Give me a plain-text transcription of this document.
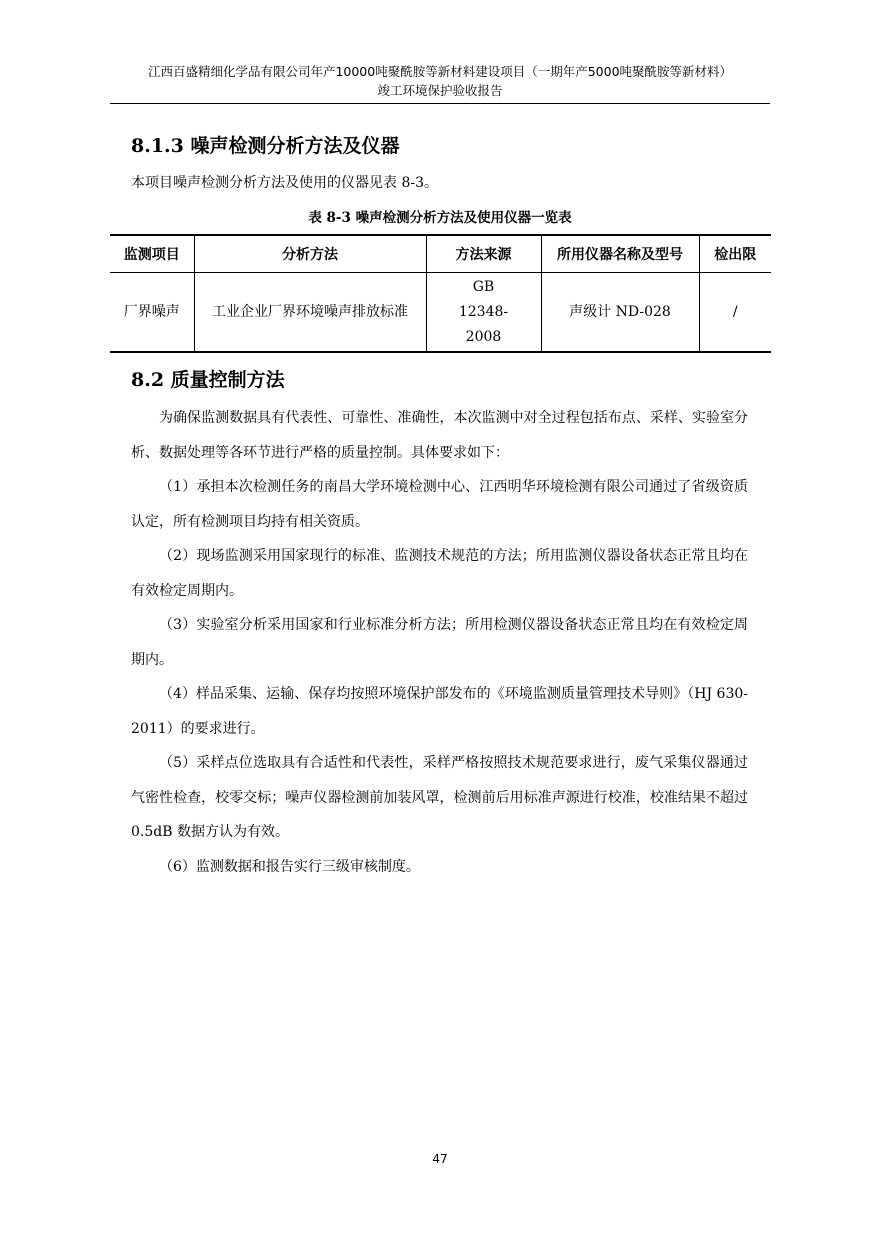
江西百盛精细化学品有限公司年产10000吨聚酰胺等新材料建设项目（一期年产5000吨聚酰胺等新材料）
竣工环境保护验收报告
8.1.3 噪声检测分析方法及仪器
本项目噪声检测分析方法及使用的仪器见表 8-3。
表 8-3 噪声检测分析方法及使用仪器一览表
监测项目	分析方法	方法来源	所用仪器名称及型号	检出限
厂界噪声	工业企业厂界环境噪声排放标准	GB 12348-2008	声级计 ND-028	/
8.2 质量控制方法

为确保监测数据具有代表性、可靠性、准确性，本次监测中对全过程包括布点、采样、实验室分析、数据处理等各环节进行严格的质量控制。具体要求如下：

（1）承担本次检测任务的南昌大学环境检测中心、江西明华环境检测有限公司通过了省级资质认定，所有检测项目均持有相关资质。

（2）现场监测采用国家现行的标准、监测技术规范的方法；所用监测仪器设备状态正常且均在有效检定周期内。

（3）实验室分析采用国家和行业标准分析方法；所用检测仪器设备状态正常且均在有效检定周期内。

（4）样品采集、运输、保存均按照环境保护部发布的《环境监测质量管理技术导则》（HJ 630-2011）的要求进行。

（5）采样点位选取具有合适性和代表性，采样严格按照技术规范要求进行，废气采集仪器通过气密性检查，校零交标；噪声仪器检测前加装风罩，检测前后用标准声源进行校准，校准结果不超过 0.5dB 数据方认为有效。

（6）监测数据和报告实行三级审核制度。

47
